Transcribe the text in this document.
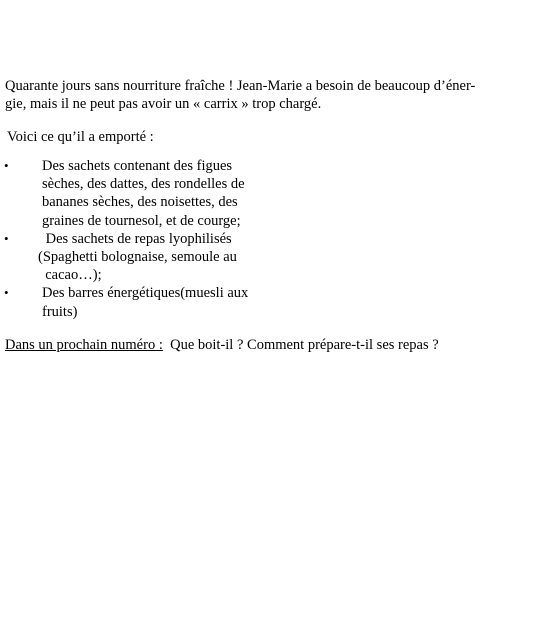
Quarante jours sans nourriture fraîche ! Jean-Marie a besoin de beaucoup d’éner-
gie, mais il ne peut pas avoir un « carrix » trop chargé.

Voici ce qu’il a emporté :

• Des sachets contenant des figues
sèches, des dattes, des rondelles de
bananes sèches, des noisettes, des
graines de tournesol, et de courge;
• Des sachets de repas lyophilisés
(Spaghetti bolognaise, semoule au
cacao…);
• Des barres énergétiques(muesli aux
fruits)

Dans un prochain numéro :  Que boit-il ? Comment prépare-t-il ses repas ?
